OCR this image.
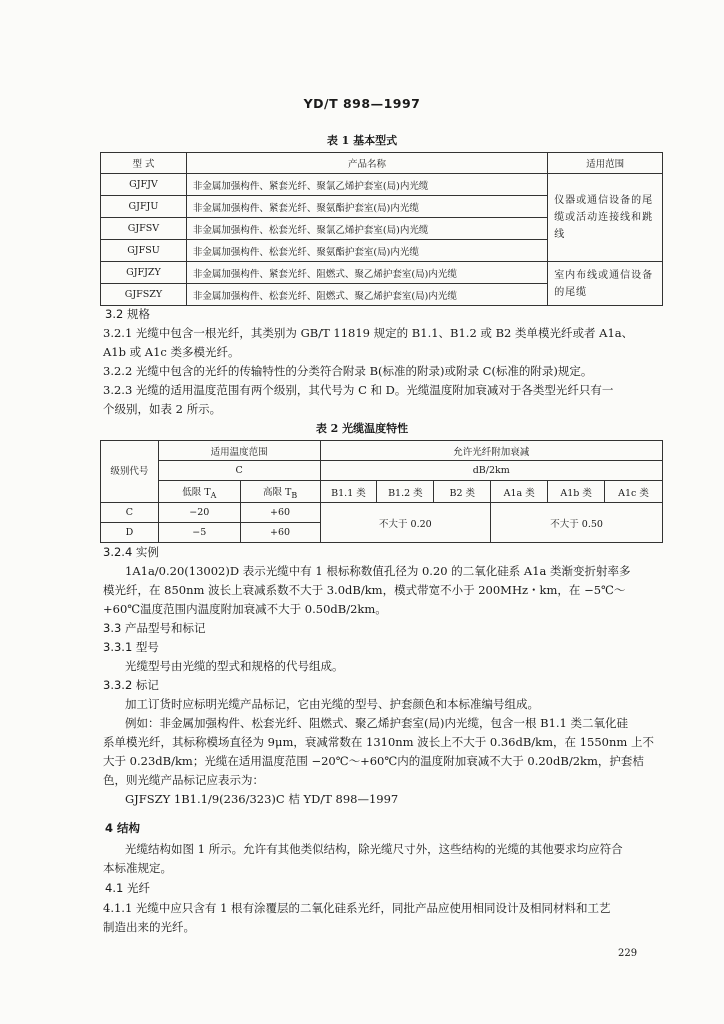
YD/T 898—1997
表 1 基本型式
型 式	产品名称	适用范围
GJFJV	非金属加强构件、紧套光纤、聚氯乙烯护套室(局)内光缆	仪器或通信设备的尾缆或活动连接线和跳线
GJFJU	非金属加强构件、紧套光纤、聚氨酯护套室(局)内光缆	
GJFSV	非金属加强构件、松套光纤、聚氯乙烯护套室(局)内光缆	
GJFSU	非金属加强构件、松套光纤、聚氨酯护套室(局)内光缆	
GJFJZY	非金属加强构件、紧套光纤、阻燃式、聚乙烯护套室(局)内光缆	室内布线或通信设备的尾缆
GJFSZY	非金属加强构件、松套光纤、阻燃式、聚乙烯护套室(局)内光缆	
3.2 规格
3.2.1 光缆中包含一根光纤，其类别为 GB/T 11819 规定的 B1.1、B1.2 或 B2 类单模光纤或者 A1a、
A1b 或 A1c 类多模光纤。
3.2.2 光缆中包含的光纤的传输特性的分类符合附录 B(标准的附录)或附录 C(标准的附录)规定。
3.2.3 光缆的适用温度范围有两个级别，其代号为 C 和 D。光缆温度附加衰减对于各类型光纤只有一
个级别，如表 2 所示。
表 2 光缆温度特性
级别代号	适用温度范围		允许光纤附加衰减					
	C		dB/2km					
	低限 $T_A$	高限 $T_B$	B1.1 类	B1.2 类	B2 类	A1a 类	A1b 类	A1c 类
C	−20	+60	不大于 0.20			不大于 0.50		
D	−5	+60						
3.2.4 实例
1A1a/0.20(13002)D 表示光缆中有 1 根标称数值孔径为 0.20 的二氧化硅系 A1a 类渐变折射率多
模光纤，在 850nm 波长上衰减系数不大于 3.0dB/km，模式带宽不小于 200MHz・km，在 −5℃～
+60℃温度范围内温度附加衰减不大于 0.50dB/2km。
3.3 产品型号和标记
3.3.1 型号
光缆型号由光缆的型式和规格的代号组成。
3.3.2 标记
加工订货时应标明光缆产品标记，它由光缆的型号、护套颜色和本标准编号组成。
例如：非金属加强构件、松套光纤、阻燃式、聚乙烯护套室(局)内光缆，包含一根 B1.1 类二氧化硅
系单模光纤，其标称模场直径为 9μm，衰减常数在 1310nm 波长上不大于 0.36dB/km，在 1550nm 上不
大于 0.23dB/km；光缆在适用温度范围 −20℃～+60℃内的温度附加衰减不大于 0.20dB/2km，护套桔
色，则光缆产品标记应表示为：
GJFSZY 1B1.1/9(236/323)C 桔 YD/T 898—1997
4 结构
光缆结构如图 1 所示。允许有其他类似结构，除光缆尺寸外，这些结构的光缆的其他要求均应符合
本标准规定。
4.1 光纤
4.1.1 光缆中应只含有 1 根有涂覆层的二氧化硅系光纤，同批产品应使用相同设计及相同材料和工艺
制造出来的光纤。
229
